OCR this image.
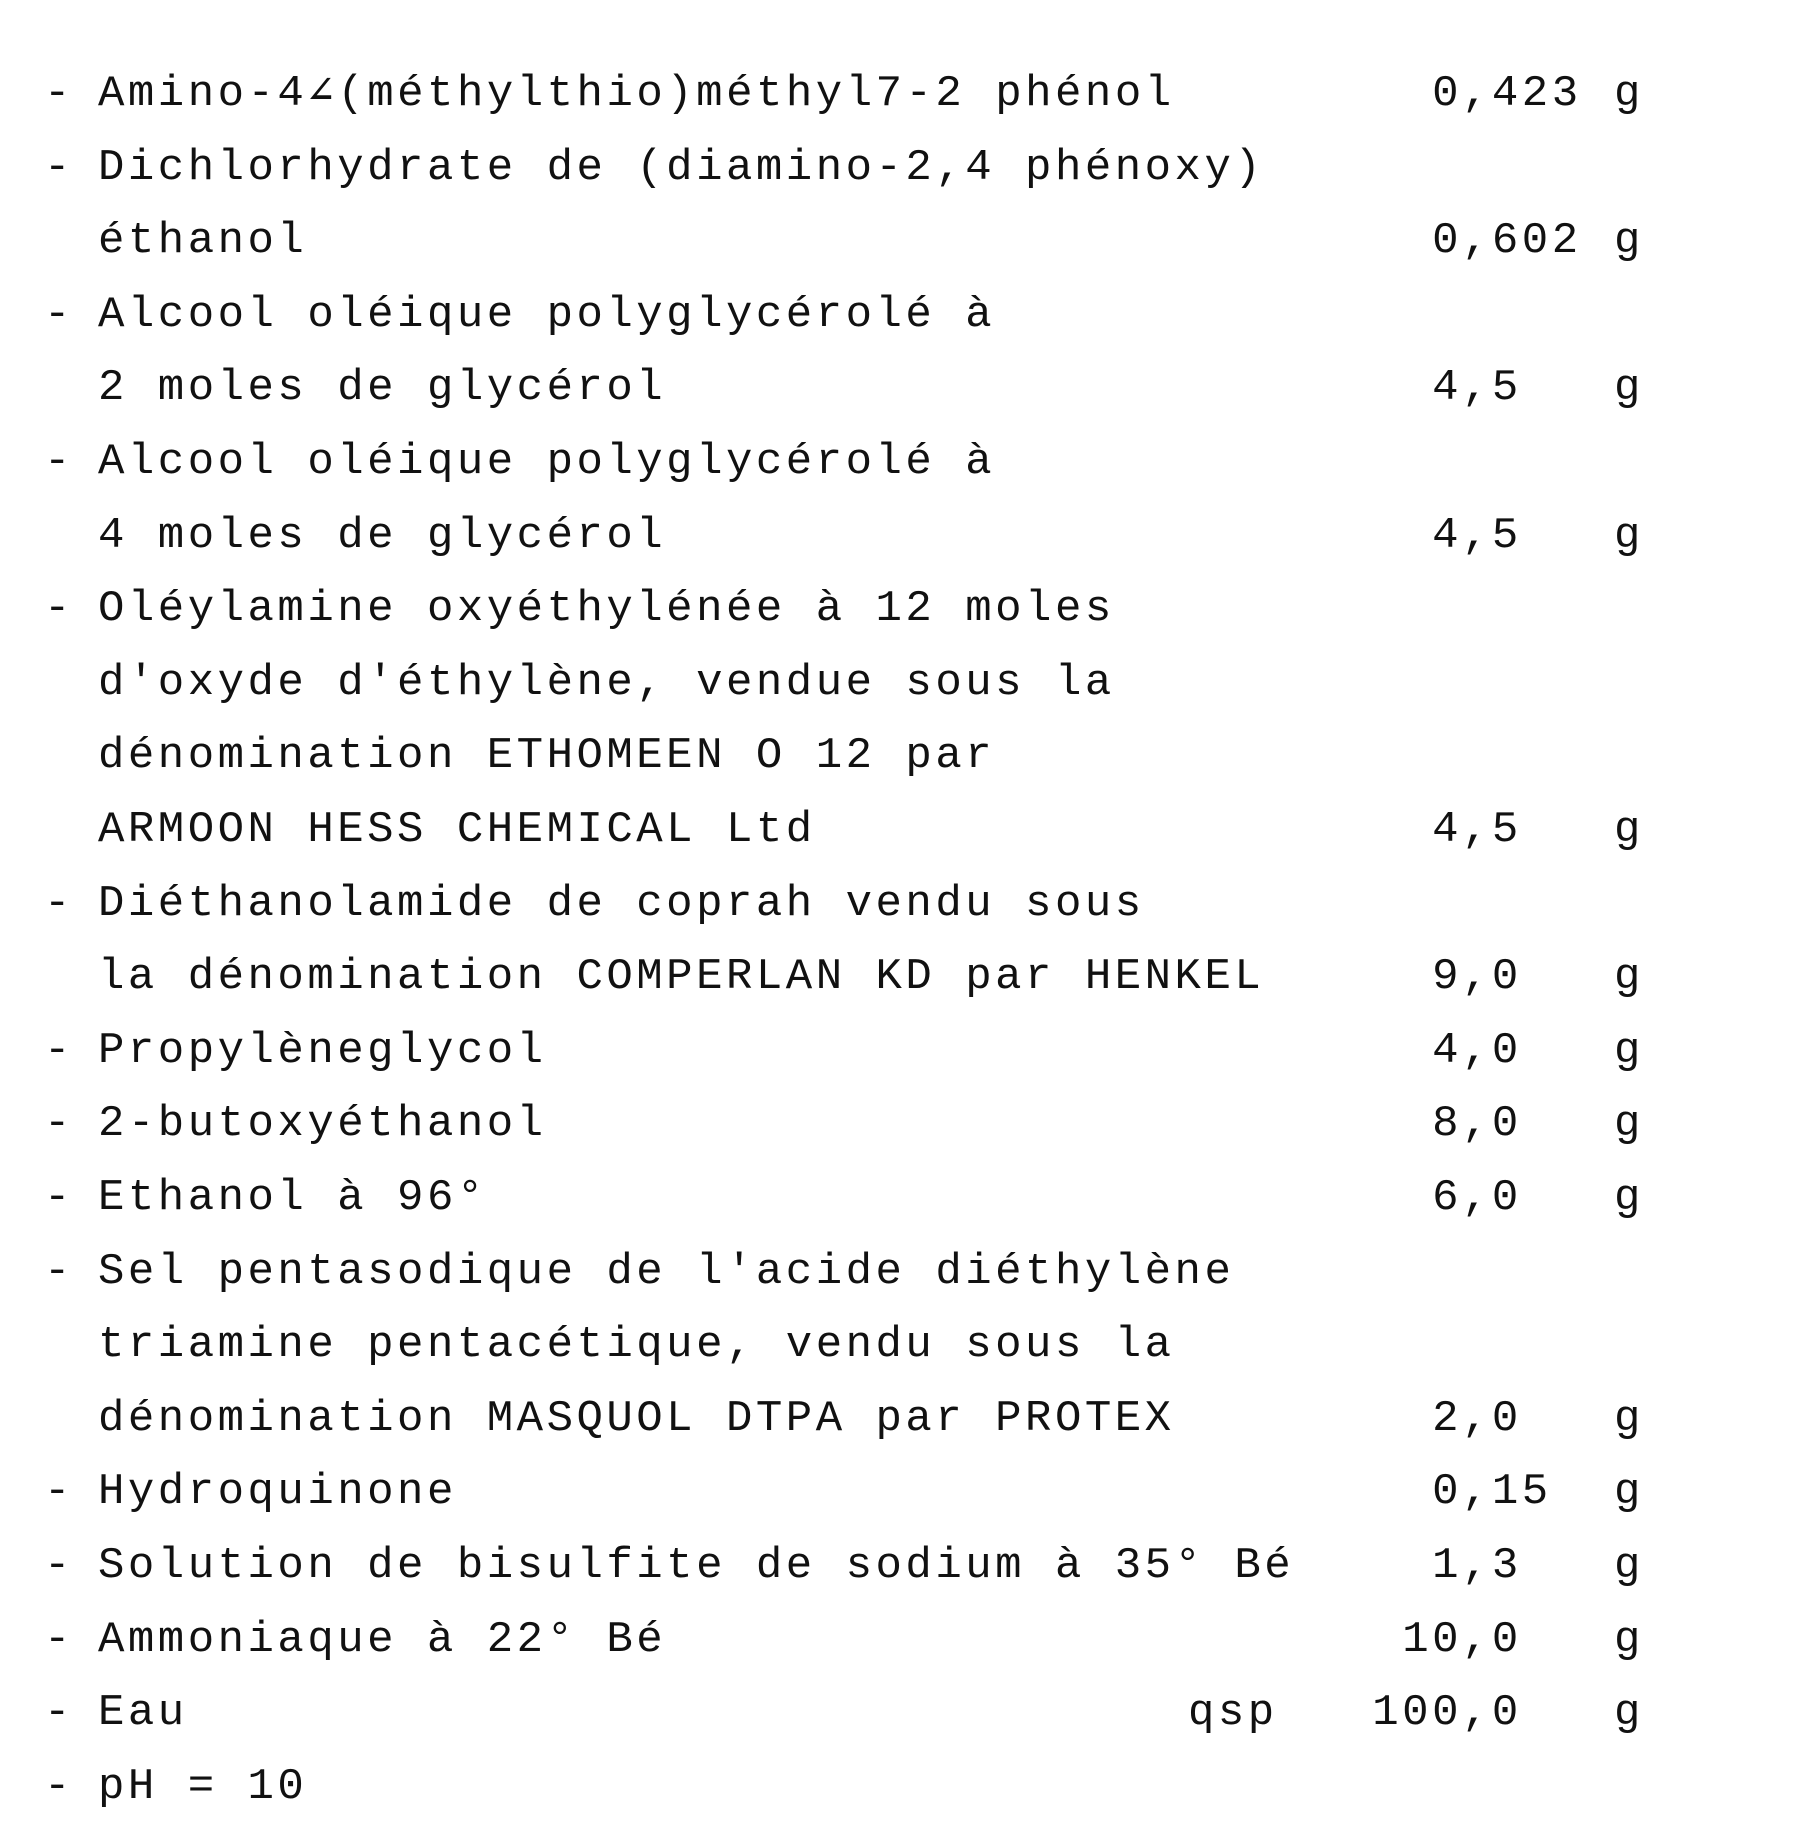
- Amino-4∠(méthylthio)méthyl7-2 phénol	0 ,423 g
- Dichlorhydrate de (diamino-2,4 phénoxy)
éthanol	0 ,602 g
- Alcool oléique polyglycérolé à
2 moles de glycérol	4 ,5 g
- Alcool oléique polyglycérolé à
4 moles de glycérol	4 ,5 g
- Oléylamine oxyéthylénée à 12 moles
d'oxyde d'éthylène, vendue sous la
dénomination ETHOMEEN O 12 par
ARMOON HESS CHEMICAL Ltd	4 ,5 g
- Diéthanolamide de coprah vendu sous
la dénomination COMPERLAN KD par HENKEL	9 ,0 g
- Propylèneglycol	4 ,0 g
- 2-butoxyéthanol	8 ,0 g
- Ethanol à 96°	6 ,0 g
- Sel pentasodique de l'acide diéthylène
triamine pentacétique, vendu sous la
dénomination MASQUOL DTPA par PROTEX	2 ,0 g
- Hydroquinone	0 ,15 g
- Solution de bisulfite de sodium à 35° Bé	1 ,3 g
- Ammoniaque à 22° Bé	10 ,0 g
- Eau	qsp 100 ,0 g
- pH = 10
